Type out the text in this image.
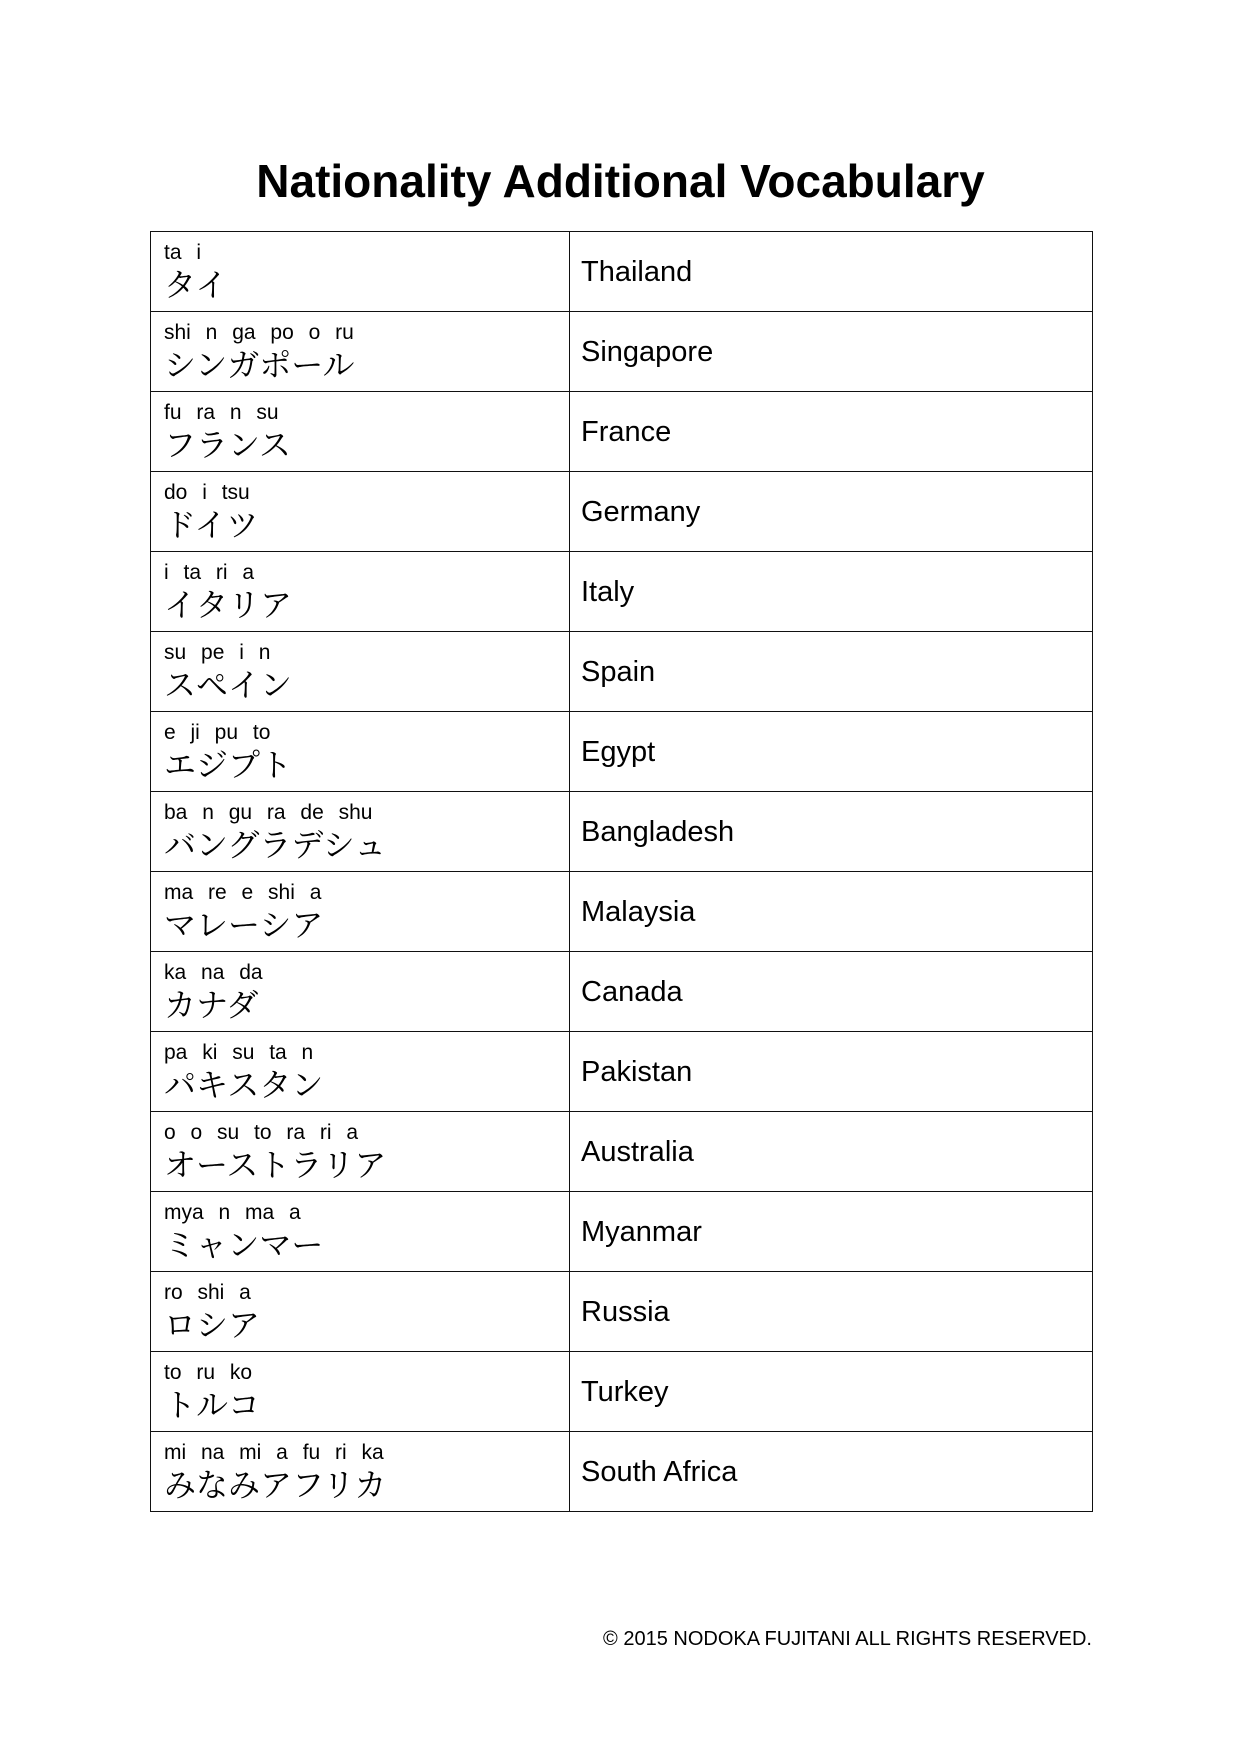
Nationality Additional Vocabulary
ta i
タイ	Thailand

shi n ga po o ru
シンガポール	Singapore

fu ra n su
フランス	France

do i tsu
ドイツ	Germany

i ta ri a
イタリア	Italy

su pe i n
スペイン	Spain

e ji pu to
エジプト	Egypt

ba n gu ra de shu
バングラデシュ	Bangladesh

ma re e shi a
マレーシア	Malaysia

ka na da
カナダ	Canada

pa ki su ta n
パキスタン	Pakistan

o o su to ra ri a
オーストラリア	Australia

mya n ma a
ミャンマー	Myanmar

ro shi a
ロシア	Russia

to ru ko
トルコ	Turkey

mi na mi a fu ri ka
みなみアフリカ	South Africa
© 2015 NODOKA FUJITANI ALL RIGHTS RESERVED.
